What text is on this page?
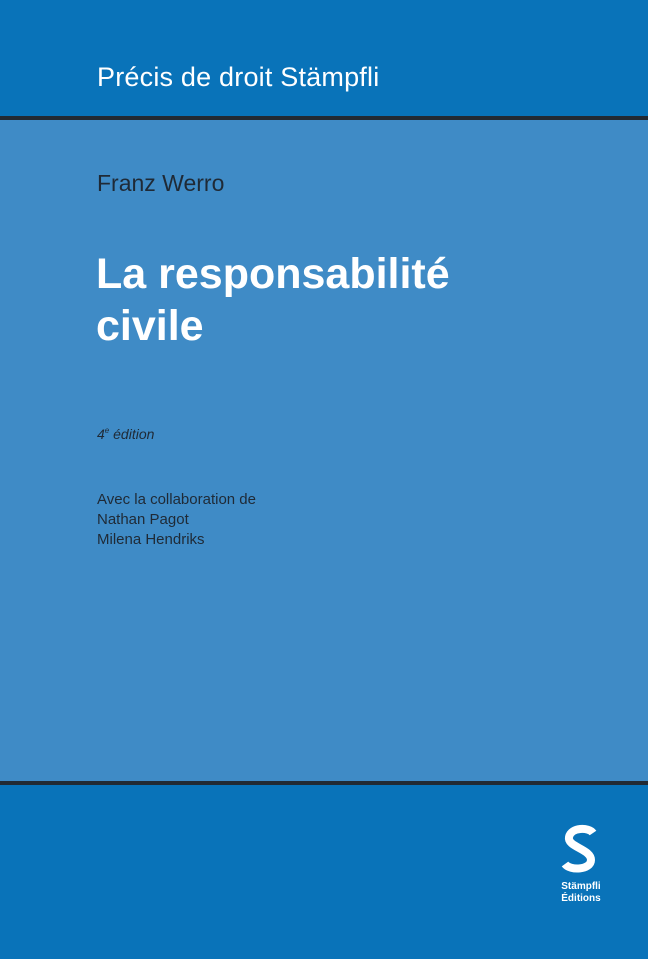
Précis de droit Stämpfli
Franz Werro
La responsabilité
civile
4e édition
Avec la collaboration de
Nathan Pagot
Milena Hendriks
Stämpfli
Éditions
